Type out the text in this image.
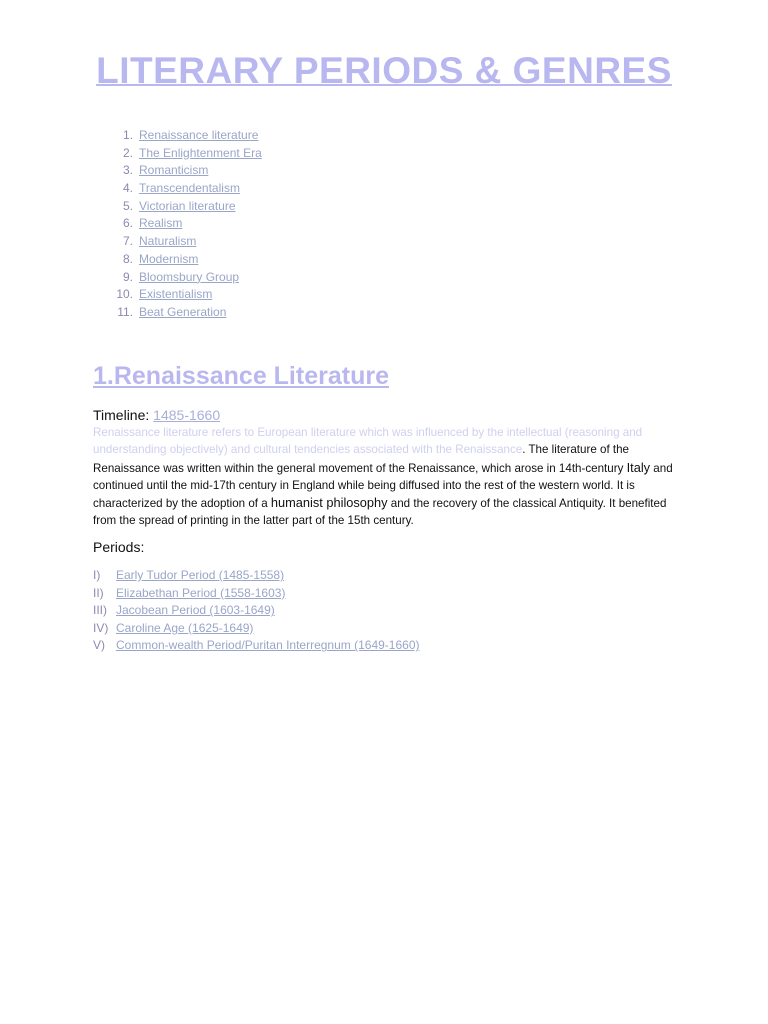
LITERARY PERIODS & GENRES
1. Renaissance literature
2. The Enlightenment Era
3. Romanticism
4. Transcendentalism
5. Victorian literature
6. Realism
7. Naturalism
8. Modernism
9. Bloomsbury Group
10. Existentialism
11. Beat Generation
1.Renaissance Literature

Timeline: 1485-1660

Renaissance literature refers to European literature which was influenced by the intellectual (reasoning and understanding objectively) and cultural tendencies associated with the Renaissance. The literature of the Renaissance was written within the general movement of the Renaissance, which arose in 14th-century Italy and continued until the mid-17th century in England while being diffused into the rest of the western world. It is characterized by the adoption of a humanist philosophy and the recovery of the classical Antiquity. It benefited from the spread of printing in the latter part of the 15th century.

Periods:

I) Early Tudor Period (1485-1558)
II) Elizabethan Period (1558-1603)
III) Jacobean Period (1603-1649)
IV) Caroline Age (1625-1649)
V) Common-wealth Period/Puritan Interregnum (1649-1660)
